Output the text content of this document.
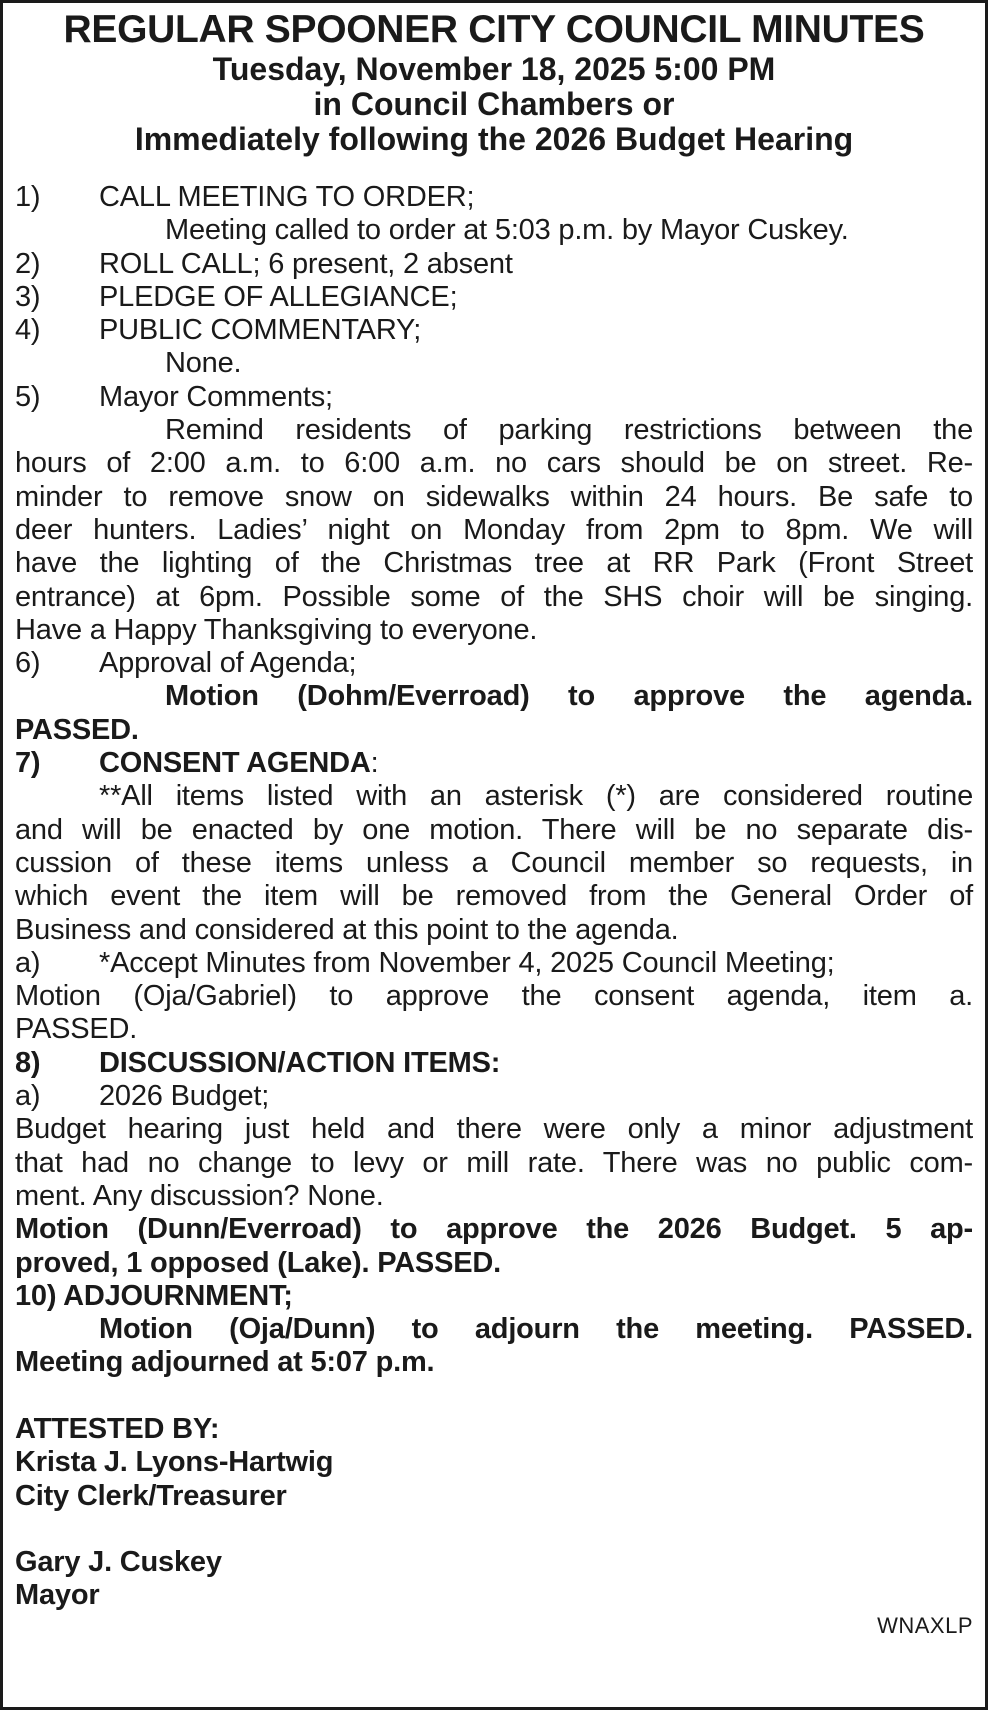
REGULAR SPOONER CITY COUNCIL MINUTES
Tuesday, November 18, 2025 5:00 PM
in Council Chambers or
Immediately following the 2026 Budget Hearing
1) CALL MEETING TO ORDER;
Meeting called to order at 5:03 p.m. by Mayor Cuskey.
2) ROLL CALL; 6 present, 2 absent
3) PLEDGE OF ALLEGIANCE;
4) PUBLIC COMMENTARY;
None.
5) Mayor Comments;
Remind residents of parking restrictions between the
hours of 2:00 a.m. to 6:00 a.m. no cars should be on street. Re-
minder to remove snow on sidewalks within 24 hours. Be safe to
deer hunters. Ladies’ night on Monday from 2pm to 8pm. We will
have the lighting of the Christmas tree at RR Park (Front Street
entrance) at 6pm. Possible some of the SHS choir will be singing.
Have a Happy Thanksgiving to everyone.
6) Approval of Agenda;
Motion (Dohm/Everroad) to approve the agenda.
PASSED.
7) CONSENT AGENDA:
**All items listed with an asterisk (*) are considered routine
and will be enacted by one motion. There will be no separate dis-
cussion of these items unless a Council member so requests, in
which event the item will be removed from the General Order of
Business and considered at this point to the agenda.
a) *Accept Minutes from November 4, 2025 Council Meeting;
Motion (Oja/Gabriel) to approve the consent agenda, item a.
PASSED.
8) DISCUSSION/ACTION ITEMS:
a) 2026 Budget;
Budget hearing just held and there were only a minor adjustment
that had no change to levy or mill rate. There was no public com-
ment. Any discussion? None.
Motion (Dunn/Everroad) to approve the 2026 Budget. 5 ap-
proved, 1 opposed (Lake). PASSED.
10) ADJOURNMENT;
Motion (Oja/Dunn) to adjourn the meeting. PASSED.
Meeting adjourned at 5:07 p.m.
ATTESTED BY:
Krista J. Lyons-Hartwig
City Clerk/Treasurer
Gary J. Cuskey
Mayor
WNAXLP
